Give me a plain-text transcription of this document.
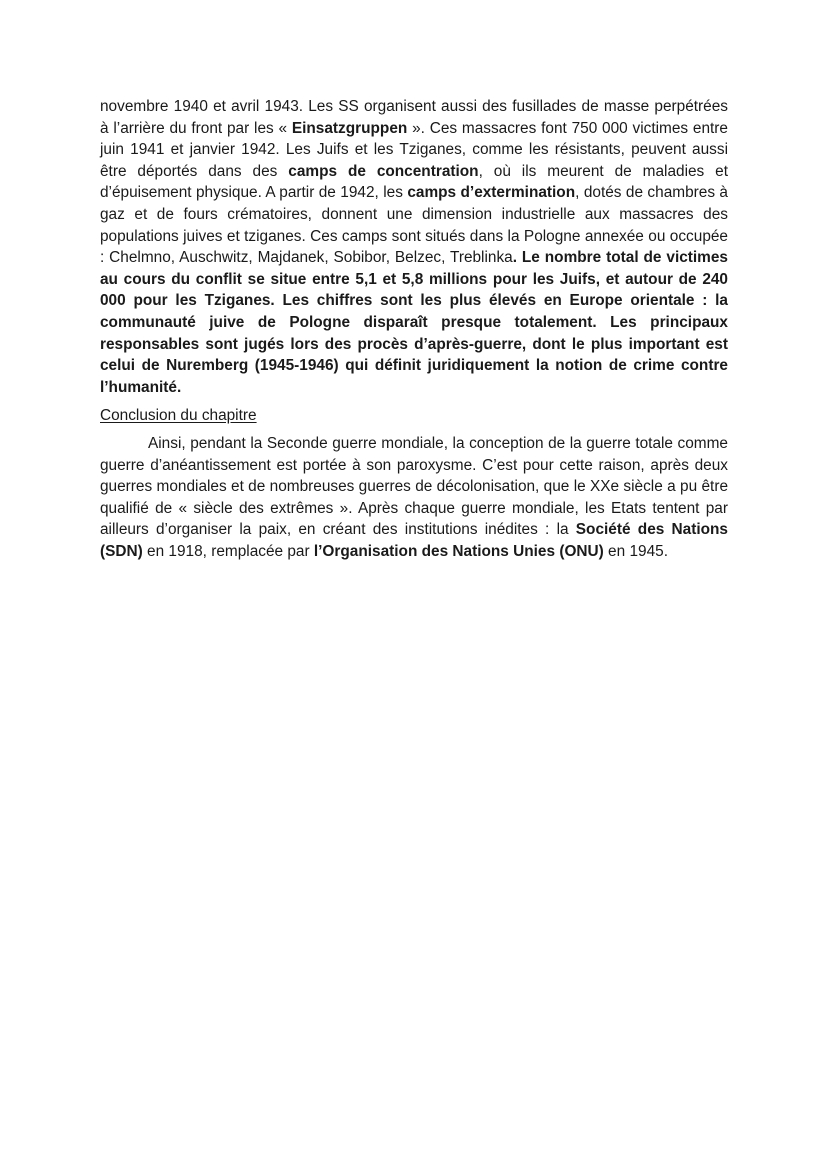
novembre 1940 et avril 1943. Les SS organisent aussi des fusillades de masse perpétrées à l’arrière du front par les « Einsatzgruppen ». Ces massacres font 750 000 victimes entre juin 1941 et janvier 1942. Les Juifs et les Tziganes, comme les résistants, peuvent aussi être déportés dans des camps de concentration, où ils meurent de maladies et d’épuisement physique. A partir de 1942, les camps d’extermination, dotés de chambres à gaz et de fours crématoires, donnent une dimension industrielle aux massacres des populations juives et tziganes. Ces camps sont situés dans la Pologne annexée ou occupée : Chelmno, Auschwitz, Majdanek, Sobibor, Belzec, Treblinka. Le nombre total de victimes au cours du conflit se situe entre 5,1 et 5,8 millions pour les Juifs, et autour de 240 000 pour les Tziganes. Les chiffres sont les plus élevés en Europe orientale : la communauté juive de Pologne disparaît presque totalement. Les principaux responsables sont jugés lors des procès d’après-guerre, dont le plus important est celui de Nuremberg (1945-1946) qui définit juridiquement la notion de crime contre l’humanité.

Conclusion du chapitre

Ainsi, pendant la Seconde guerre mondiale, la conception de la guerre totale comme guerre d’anéantissement est portée à son paroxysme. C’est pour cette raison, après deux guerres mondiales et de nombreuses guerres de décolonisation, que le XXe siècle a pu être qualifié de « siècle des extrêmes ». Après chaque guerre mondiale, les Etats tentent par ailleurs d’organiser la paix, en créant des institutions inédites : la Société des Nations (SDN) en 1918, remplacée par l’Organisation des Nations Unies (ONU) en 1945.
